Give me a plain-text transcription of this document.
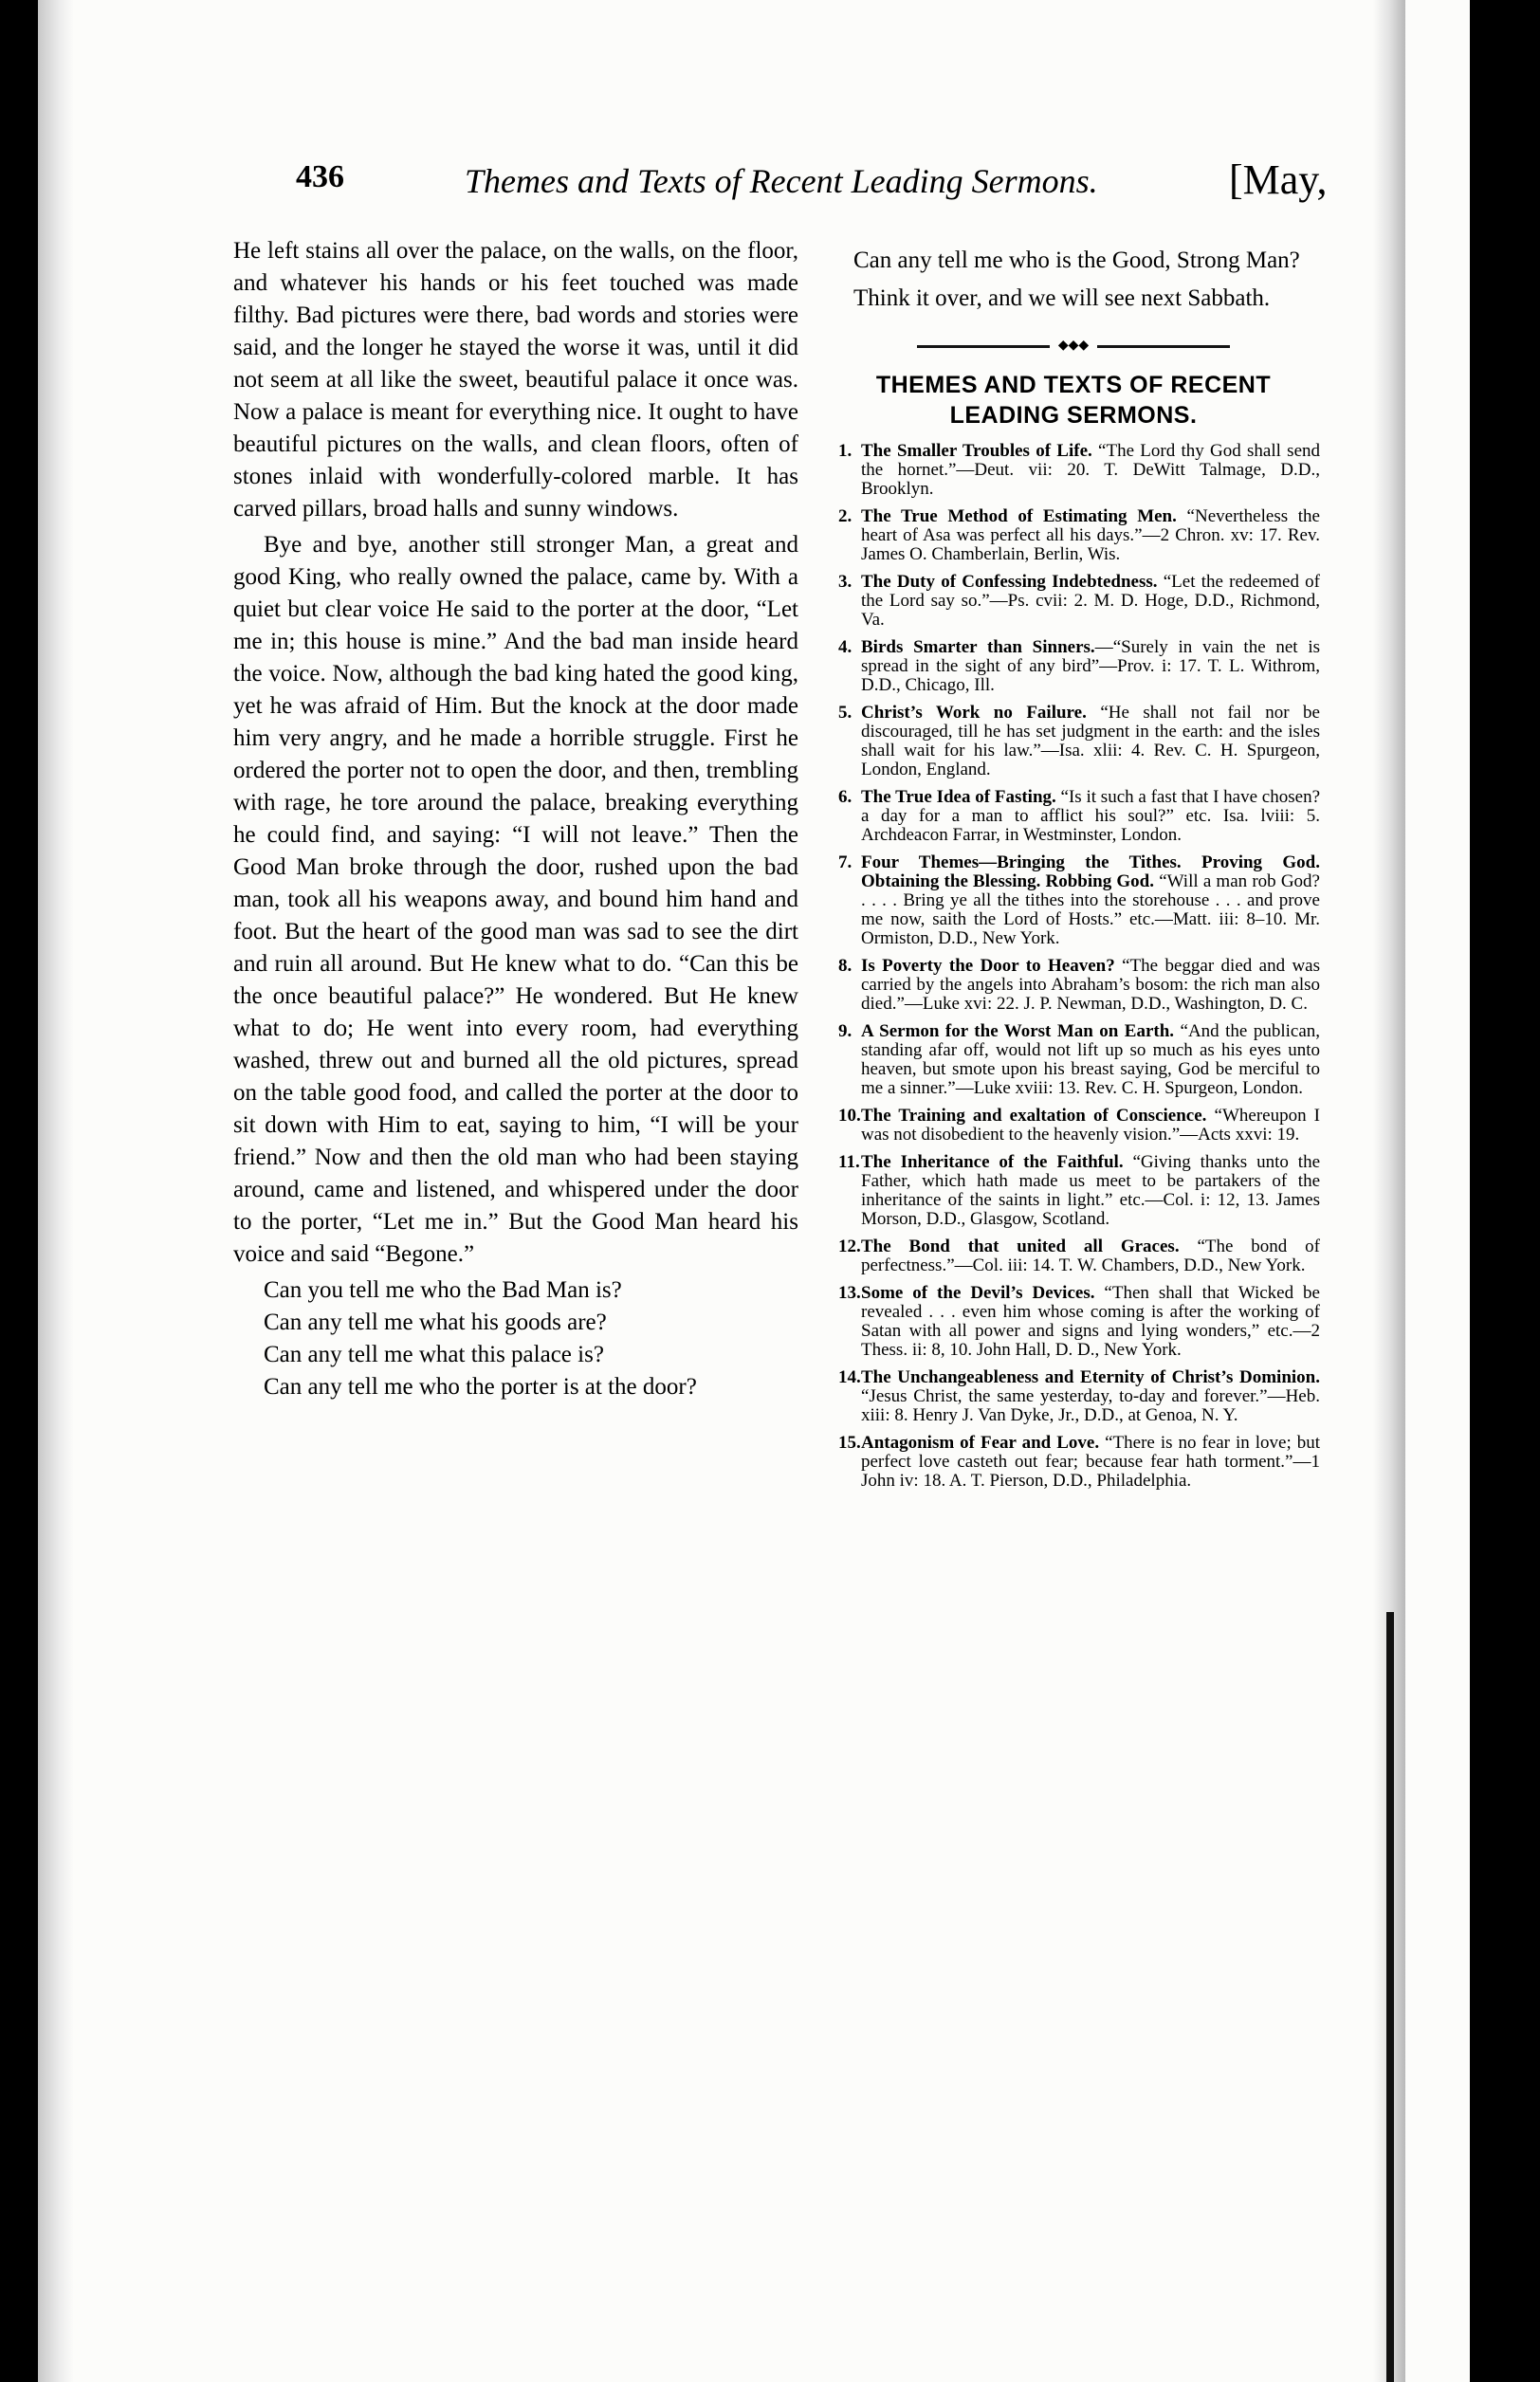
436	Themes and Texts of Recent Leading Sermons.	[May,

He left stains all over the palace, on the walls, on the floor, and whatever his hands or his feet touched was made filthy. Bad pictures were there, bad words and stories were said, and the longer he stayed the worse it was, until it did not seem at all like the sweet, beautiful palace it once was. Now a palace is meant for everything nice. It ought to have beautiful pictures on the walls, and clean floors, often of stones inlaid with wonderfully-colored marble. It has carved pillars, broad halls and sunny windows.

Bye and bye, another still stronger Man, a great and good King, who really owned the palace, came by. With a quiet but clear voice He said to the porter at the door, “Let me in; this house is mine.” And the bad man inside heard the voice. Now, although the bad king hated the good king, yet he was afraid of Him. But the knock at the door made him very angry, and he made a horrible struggle. First he ordered the porter not to open the door, and then, trembling with rage, he tore around the palace, breaking everything he could find, and saying: “I will not leave.” Then the Good Man broke through the door, rushed upon the bad man, took all his weapons away, and bound him hand and foot. But the heart of the good man was sad to see the dirt and ruin all around. But He knew what to do. “Can this be the once beautiful palace?” He wondered. But He knew what to do; He went into every room, had everything washed, threw out and burned all the old pictures, spread on the table good food, and called the porter at the door to sit down with Him to eat, saying to him, “I will be your friend.” Now and then the old man who had been staying around, came and listened, and whispered under the door to the porter, “Let me in.” But the Good Man heard his voice and said “Begone.”

Can you tell me who the Bad Man is?

Can any tell me what his goods are?

Can any tell me what this palace is?

Can any tell me who the porter is at the door?

Can any tell me who is the Good, Strong Man?

Think it over, and we will see next Sabbath.

◆◆◆
THEMES AND TEXTS OF RECENT LEADING SERMONS.
1. The Smaller Troubles of Life. “The Lord thy God shall send the hornet.”—Deut. vii: 20. T. DeWitt Talmage, D.D., Brooklyn.
2. The True Method of Estimating Men. “Nevertheless the heart of Asa was perfect all his days.”—2 Chron. xv: 17. Rev. James O. Chamberlain, Berlin, Wis.
3. The Duty of Confessing Indebtedness. “Let the redeemed of the Lord say so.”—Ps. cvii: 2. M. D. Hoge, D.D., Richmond, Va.
4. Birds Smarter than Sinners.—“Surely in vain the net is spread in the sight of any bird”—Prov. i: 17. T. L. Withrom, D.D., Chicago, Ill.
5. Christ’s Work no Failure. “He shall not fail nor be discouraged, till he has set judgment in the earth: and the isles shall wait for his law.”—Isa. xlii: 4. Rev. C. H. Spurgeon, London, England.
6. The True Idea of Fasting. “Is it such a fast that I have chosen? a day for a man to afflict his soul?” etc. Isa. lviii: 5. Archdeacon Farrar, in Westminster, London.
7. Four Themes—Bringing the Tithes. Proving God. Obtaining the Blessing. Robbing God. “Will a man rob God? . . . . Bring ye all the tithes into the storehouse . . . and prove me now, saith the Lord of Hosts.” etc.—Matt. iii: 8–10. Mr. Ormiston, D.D., New York.
8. Is Poverty the Door to Heaven? “The beggar died and was carried by the angels into Abraham’s bosom: the rich man also died.”—Luke xvi: 22. J. P. Newman, D.D., Washington, D. C.
9. A Sermon for the Worst Man on Earth. “And the publican, standing afar off, would not lift up so much as his eyes unto heaven, but smote upon his breast saying, God be merciful to me a sinner.”—Luke xviii: 13. Rev. C. H. Spurgeon, London.
10.The Training and exaltation of Conscience. “Whereupon I was not disobedient to the heavenly vision.”—Acts xxvi: 19.
11.The Inheritance of the Faithful. “Giving thanks unto the Father, which hath made us meet to be partakers of the inheritance of the saints in light.” etc.—Col. i: 12, 13. James Morson, D.D., Glasgow, Scotland.
12.The Bond that united all Graces. “The bond of perfectness.”—Col. iii: 14. T. W. Chambers, D.D., New York.
13.Some of the Devil’s Devices. “Then shall that Wicked be revealed . . . even him whose coming is after the working of Satan with all power and signs and lying wonders,” etc.—2 Thess. ii: 8, 10. John Hall, D. D., New York.
14.The Unchangeableness and Eternity of Christ’s Dominion. “Jesus Christ, the same yesterday, to-day and forever.”—Heb. xiii: 8. Henry J. Van Dyke, Jr., D.D., at Genoa, N. Y.
15.Antagonism of Fear and Love. “There is no fear in love; but perfect love casteth out fear; because fear hath torment.”—1 John iv: 18. A. T. Pierson, D.D., Philadelphia.
